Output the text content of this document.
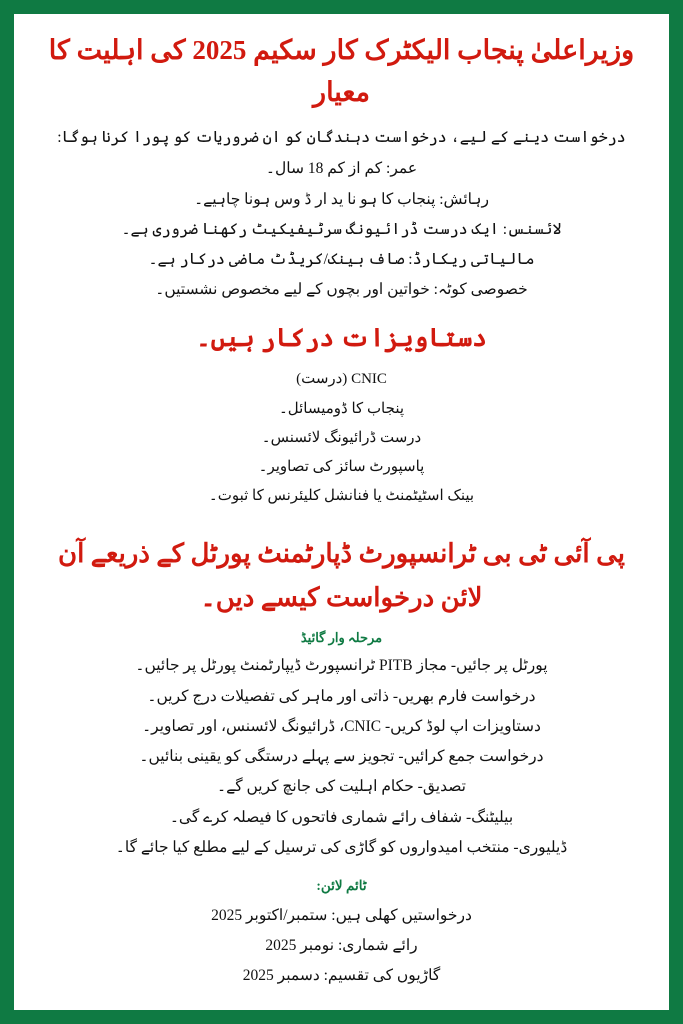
وزیراعلیٰ پنجاب الیکٹرک کار سکیم 2025 کی اہلیت کا معیار
درخواست دینے کے لیے، درخواست دہندگان کو ان ضروریات کو پورا کرنا ہوگا:
عمر: کم از کم 18 سال۔
رہائش: پنجاب کا ہو نا ید ار ڈ وس ہونا چاہیے۔
لائسنس: ایک درست ڈرائیونگ سرٹیفیکیٹ رکھنا ضروری ہے۔
مالیاتی ریکارڈ: صاف بینک/کریڈٹ ماضی درکار ہے۔
خصوصی کوٹہ: خواتین اور بچوں کے لیے مخصوص نشستیں۔
دستاویزات درکار ہیں۔
CNIC (درست)
پنجاب کا ڈومیسائل۔
درست ڈرائیونگ لائسنس۔
پاسپورٹ سائز کی تصاویر۔
بینک اسٹیٹمنٹ یا فنانشل کلیئرنس کا ثبوت۔
پی آئی ٹی بی ٹرانسپورٹ ڈپارٹمنٹ پورٹل کے ذریعے آن لائن درخواست کیسے دیں۔
مرحلہ وار گائیڈ
پورٹل پر جائیں- مجاز PITB ٹرانسپورٹ ڈیپارٹمنٹ پورٹل پر جائیں۔
درخواست فارم بھریں- ذاتی اور ماہر کی تفصیلات درج کریں۔
دستاویزات اپ لوڈ کریں- CNIC، ڈرائیونگ لائسنس، اور تصاویر۔
درخواست جمع کرائیں- تجویز سے پہلے درستگی کو یقینی بنائیں۔
تصدیق- حکام اہلیت کی جانچ کریں گے۔
بیلیٹنگ- شفاف رائے شماری فاتحوں کا فیصلہ کرے گی۔
ڈیلیوری- منتخب امیدواروں کو گاڑی کی ترسیل کے لیے مطلع کیا جائے گا۔
ٹائم لائن:
درخواستیں کھلی ہیں: ستمبر/اکتوبر 2025
رائے شماری: نومبر 2025
گاڑیوں کی تقسیم: دسمبر 2025
